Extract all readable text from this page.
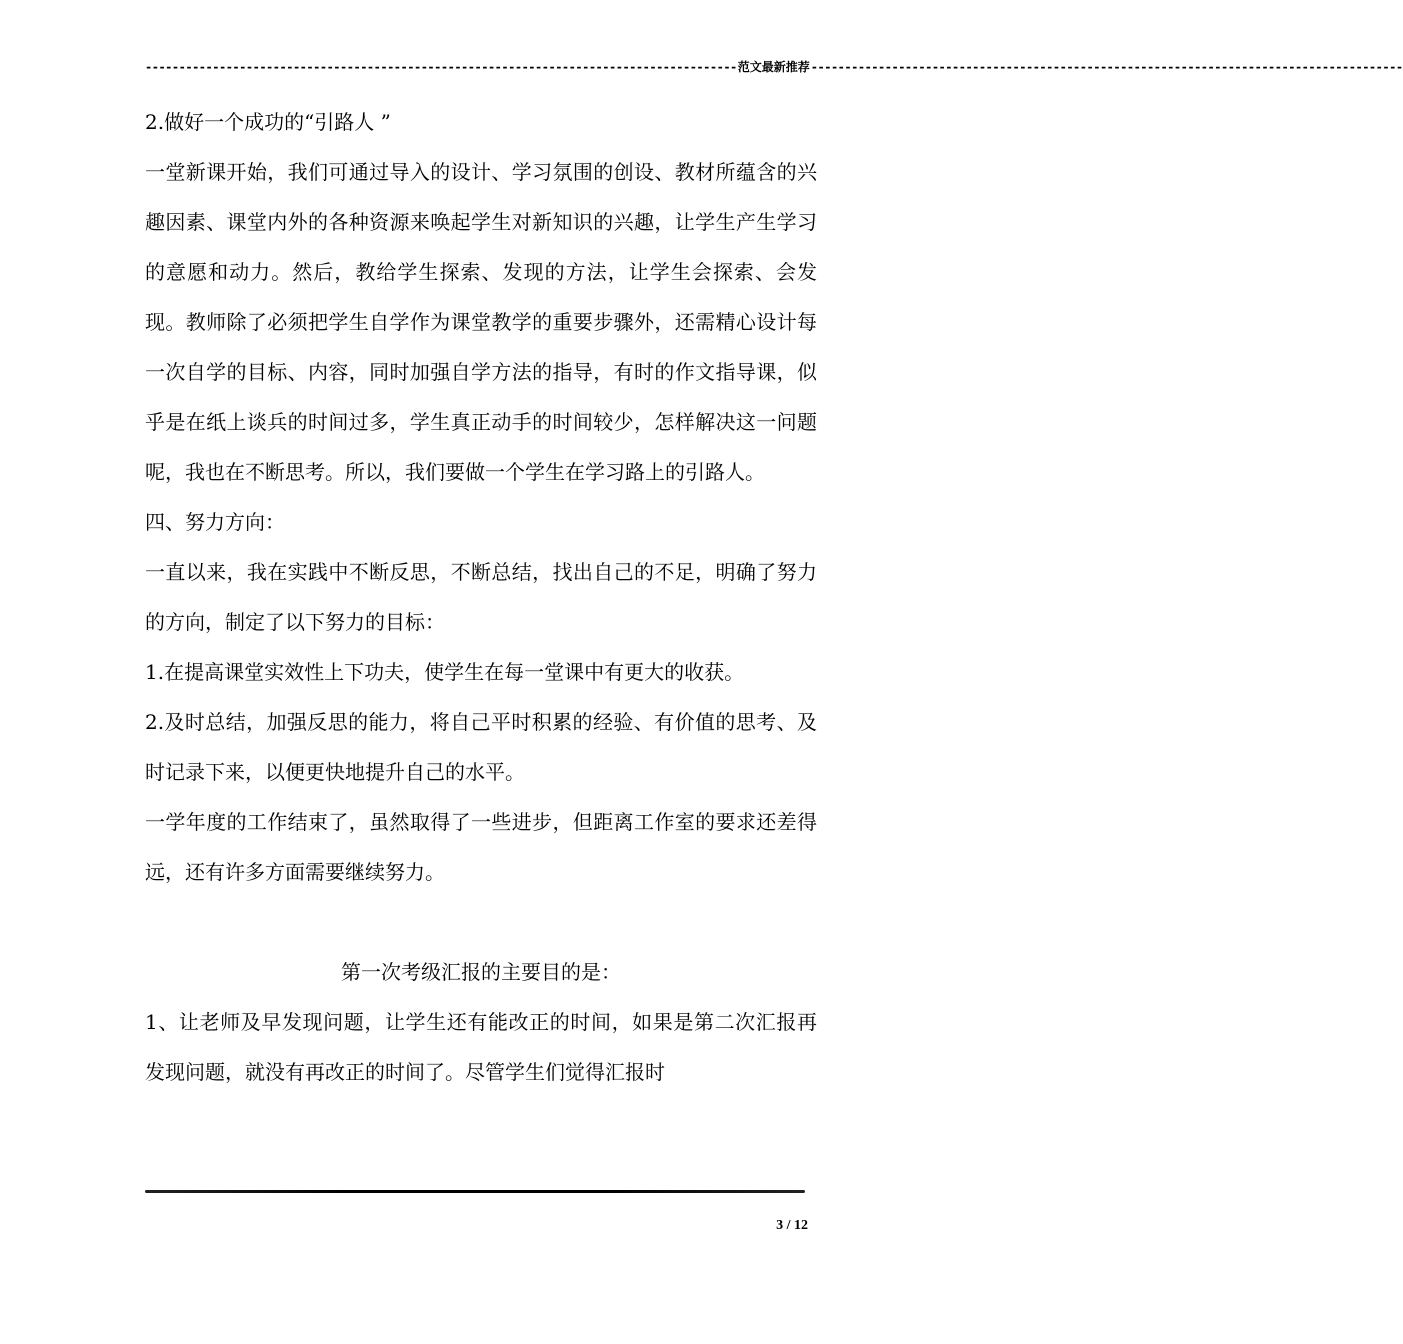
---------------------------------------------------------------------------------------- 范文最新推荐 ----------------------------------------------------------------------------------------

2.做好一个成功的“引路人 ”

一堂新课开始，我们可通过导入的设计、学习氛围的创设、教材所蕴含的兴趣因素、课堂内外的各种资源来唤起学生对新知识的兴趣，让学生产生学习的意愿和动力。然后，教给学生探索、发现的方法，让学生会探索、会发现。教师除了必须把学生自学作为课堂教学的重要步骤外，还需精心设计每一次自学的目标、内容，同时加强自学方法的指导，有时的作文指导课，似乎是在纸上谈兵的时间过多，学生真正动手的时间较少，怎样解决这一问题呢，我也在不断思考。所以，我们要做一个学生在学习路上的引路人。

四、努力方向：

一直以来，我在实践中不断反思，不断总结，找出自己的不足，明确了努力的方向，制定了以下努力的目标：

1.在提高课堂实效性上下功夫，使学生在每一堂课中有更大的收获。

2.及时总结，加强反思的能力，将自己平时积累的经验、有价值的思考、及时记录下来，以便更快地提升自己的水平。

一学年度的工作结束了，虽然取得了一些进步，但距离工作室的要求还差得远，还有许多方面需要继续努力。

第一次考级汇报的主要目的是：

1、让老师及早发现问题，让学生还有能改正的时间，如果是第二次汇报再发现问题，就没有再改正的时间了。尽管学生们觉得汇报时

3 / 12
